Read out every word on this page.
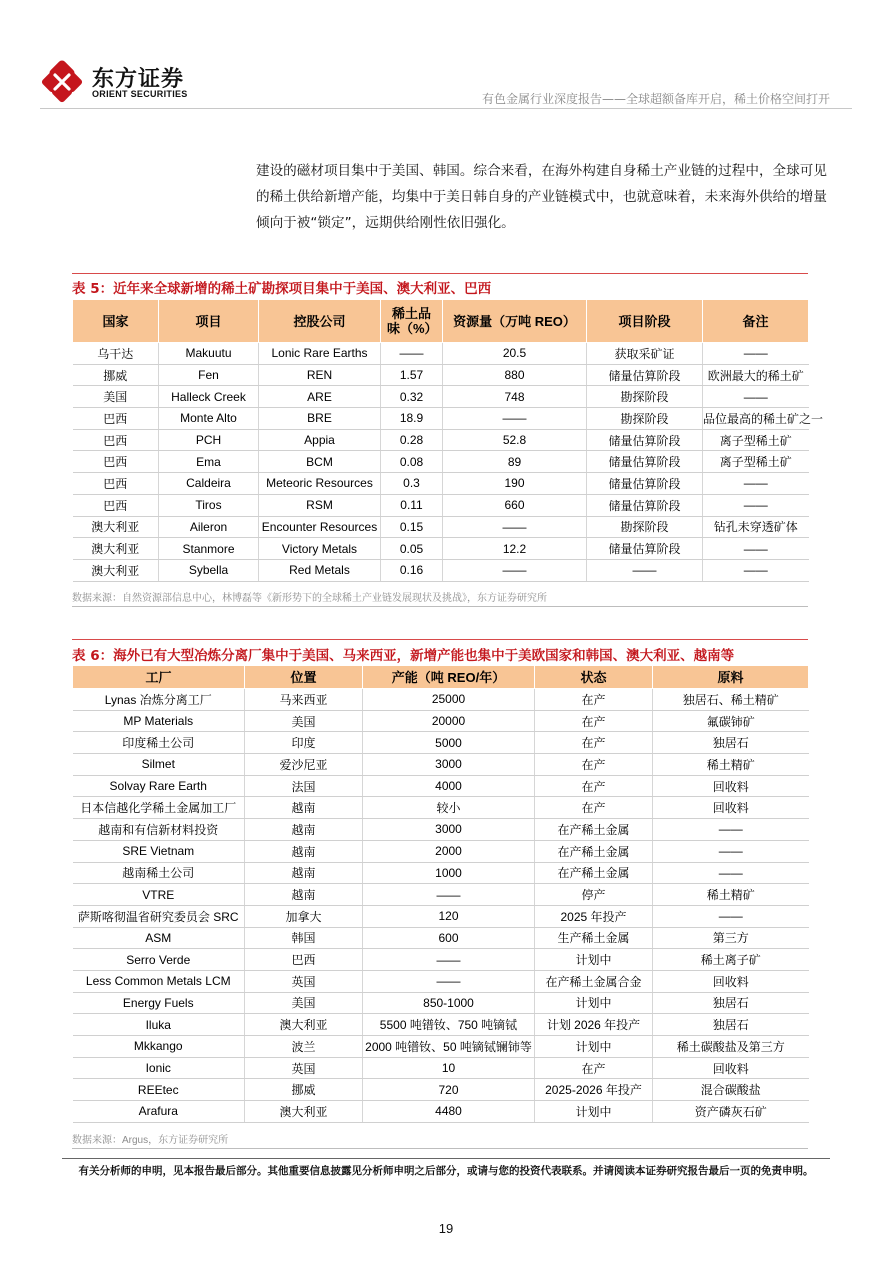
东方证券
ORIENT SECURITIES	有色金属行业深度报告——全球超额备库开启，稀土价格空间打开

建设的磁材项目集中于美国、韩国。综合来看，在海外构建自身稀土产业链的过程中，全球可见的稀土供给新增产能，均集中于美日韩自身的产业链模式中，也就意味着，未来海外供给的增量倾向于被“锁定”，远期供给刚性依旧强化。

表 5：近年来全球新增的稀土矿勘探项目集中于美国、澳大利亚、巴西
国家	项目	控股公司	稀土品味（%）	资源量（万吨 REO）	项目阶段	备注
乌干达	Makuutu	Lonic Rare Earths	——	20.5	获取采矿证	——
挪威	Fen	REN	1.57	880	储量估算阶段	欧洲最大的稀土矿
美国	Halleck Creek	ARE	0.32	748	勘探阶段	——
巴西	Monte Alto	BRE	18.9	——	勘探阶段	品位最高的稀土矿之一
巴西	PCH	Appia	0.28	52.8	储量估算阶段	离子型稀土矿
巴西	Ema	BCM	0.08	89	储量估算阶段	离子型稀土矿
巴西	Caldeira	Meteoric Resources	0.3	190	储量估算阶段	——
巴西	Tiros	RSM	0.11	660	储量估算阶段	——
澳大利亚	Aileron	Encounter Resources	0.15	——	勘探阶段	钻孔未穿透矿体
澳大利亚	Stanmore	Victory Metals	0.05	12.2	储量估算阶段	——
澳大利亚	Sybella	Red Metals	0.16	——	——	——
数据来源：自然资源部信息中心，林博磊等《新形势下的全球稀土产业链发展现状及挑战》，东方证券研究所
表 6：海外已有大型冶炼分离厂集中于美国、马来西亚，新增产能也集中于美欧国家和韩国、澳大利亚、越南等
工厂	位置	产能（吨 REO/年）	状态	原料
Lynas 冶炼分离工厂	马来西亚	25000	在产	独居石、稀土精矿
MP Materials	美国	20000	在产	氟碳铈矿
印度稀土公司	印度	5000	在产	独居石
Silmet	爱沙尼亚	3000	在产	稀土精矿
Solvay Rare Earth	法国	4000	在产	回收料
日本信越化学稀土金属加工厂	越南	较小	在产	回收料
越南和有信新材料投资	越南	3000	在产稀土金属	——
SRE Vietnam	越南	2000	在产稀土金属	——
越南稀土公司	越南	1000	在产稀土金属	——
VTRE	越南	——	停产	稀土精矿
萨斯喀彻温省研究委员会 SRC	加拿大	120	2025 年投产	——
ASM	韩国	600	生产稀土金属	第三方
Serro Verde	巴西	——	计划中	稀土离子矿
Less Common Metals LCM	英国	——	在产稀土金属合金	回收料
Energy Fuels	美国	850-1000	计划中	独居石
Iluka	澳大利亚	5500 吨镨钕、750 吨镝铽	计划 2026 年投产	独居石
Mkkango	波兰	2000 吨镨钕、50 吨镝铽镧铈等	计划中	稀土碳酸盐及第三方
Ionic	英国	10	在产	回收料
REEtec	挪威	720	2025-2026 年投产	混合碳酸盐
Arafura	澳大利亚	4480	计划中	资产磷灰石矿
数据来源：Argus，东方证券研究所
有关分析师的申明，见本报告最后部分。其他重要信息披露见分析师申明之后部分，或请与您的投资代表联系。并请阅读本证券研究报告最后一页的免责申明。
19
